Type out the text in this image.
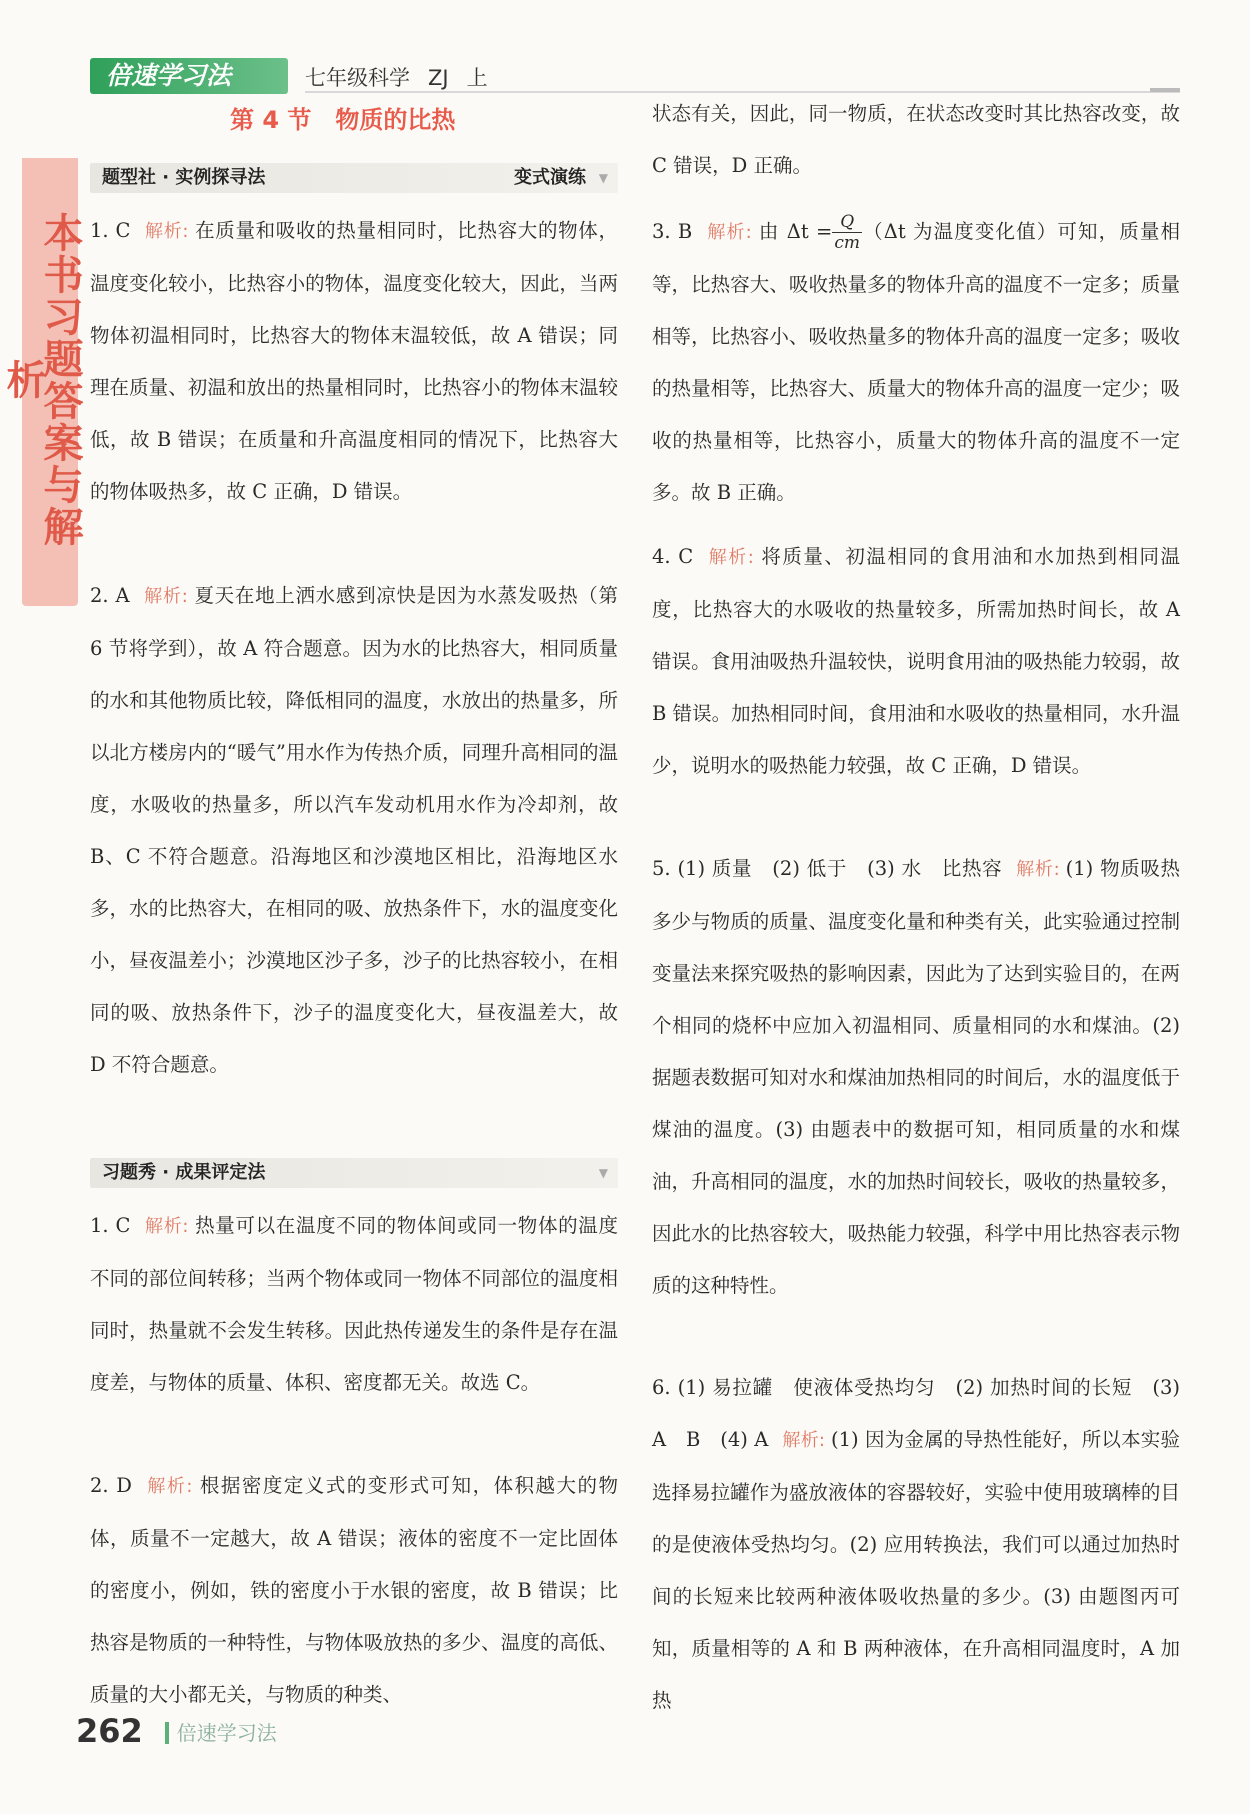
倍速学习法	七年级科学 ZJ 上
本书习题答案与解析
第 4 节　物质的比热
题型社 · 实例探寻法	变式演练 ▼
1. C 解析: 在质量和吸收的热量相同时，比热容大的物体，温度变化较小，比热容小的物体，温度变化较大，因此，当两物体初温相同时，比热容大的物体末温较低，故 A 错误；同理在质量、初温和放出的热量相同时，比热容小的物体末温较低，故 B 错误；在质量和升高温度相同的情况下，比热容大的物体吸热多，故 C 正确，D 错误。
2. A 解析: 夏天在地上洒水感到凉快是因为水蒸发吸热（第 6 节将学到），故 A 符合题意。因为水的比热容大，相同质量的水和其他物质比较，降低相同的温度，水放出的热量多，所以北方楼房内的“暖气”用水作为传热介质，同理升高相同的温度，水吸收的热量多，所以汽车发动机用水作为冷却剂，故 B、C 不符合题意。沿海地区和沙漠地区相比，沿海地区水多，水的比热容大，在相同的吸、放热条件下，水的温度变化小，昼夜温差小；沙漠地区沙子多，沙子的比热容较小，在相同的吸、放热条件下，沙子的温度变化大，昼夜温差大，故 D 不符合题意。
习题秀 · 成果评定法	▼
1. C 解析: 热量可以在温度不同的物体间或同一物体的温度不同的部位间转移；当两个物体或同一物体不同部位的温度相同时，热量就不会发生转移。因此热传递发生的条件是存在温度差，与物体的质量、体积、密度都无关。故选 C。
2. D 解析: 根据密度定义式的变形式可知，体积越大的物体，质量不一定越大，故 A 错误；液体的密度不一定比固体的密度小，例如，铁的密度小于水银的密度，故 B 错误；比热容是物质的一种特性，与物体吸放热的多少、温度的高低、质量的大小都无关，与物质的种类、
状态有关，因此，同一物质，在状态改变时其比热容改变，故 C 错误，D 正确。
3. B 解析: 由 $\Delta t = \frac{Q}{cm} (\Delta t$ 为温度变化值）可知，质量相等，比热容大、吸收热量多的物体升高的温度不一定多；质量相等，比热容小、吸收热量多的物体升高的温度一定多；吸收的热量相等，比热容大、质量大的物体升高的温度一定少；吸收的热量相等，比热容小，质量大的物体升高的温度不一定多。故 B 正确。
4. C 解析: 将质量、初温相同的食用油和水加热到相同温度，比热容大的水吸收的热量较多，所需加热时间长，故 A 错误。食用油吸热升温较快，说明食用油的吸热能力较弱，故 B 错误。加热相同时间，食用油和水吸收的热量相同，水升温少，说明水的吸热能力较强，故 C 正确，D 错误。
5. (1) 质量　(2) 低于　(3) 水　比热容 解析: (1) 物质吸热多少与物质的质量、温度变化量和种类有关，此实验通过控制变量法来探究吸热的影响因素，因此为了达到实验目的，在两个相同的烧杯中应加入初温相同、质量相同的水和煤油。(2) 据题表数据可知对水和煤油加热相同的时间后，水的温度低于煤油的温度。(3) 由题表中的数据可知，相同质量的水和煤油，升高相同的温度，水的加热时间较长，吸收的热量较多，因此水的比热容较大，吸热能力较强，科学中用比热容表示物质的这种特性。
6. (1) 易拉罐　使液体受热均匀　(2) 加热时间的长短　(3) A　B　(4) A 解析: (1) 因为金属的导热性能好，所以本实验选择易拉罐作为盛放液体的容器较好，实验中使用玻璃棒的目的是使液体受热均匀。(2) 应用转换法，我们可以通过加热时间的长短来比较两种液体吸收热量的多少。(3) 由题图丙可知，质量相等的 A 和 B 两种液体，在升高相同温度时，A 加热
262 倍速学习法
